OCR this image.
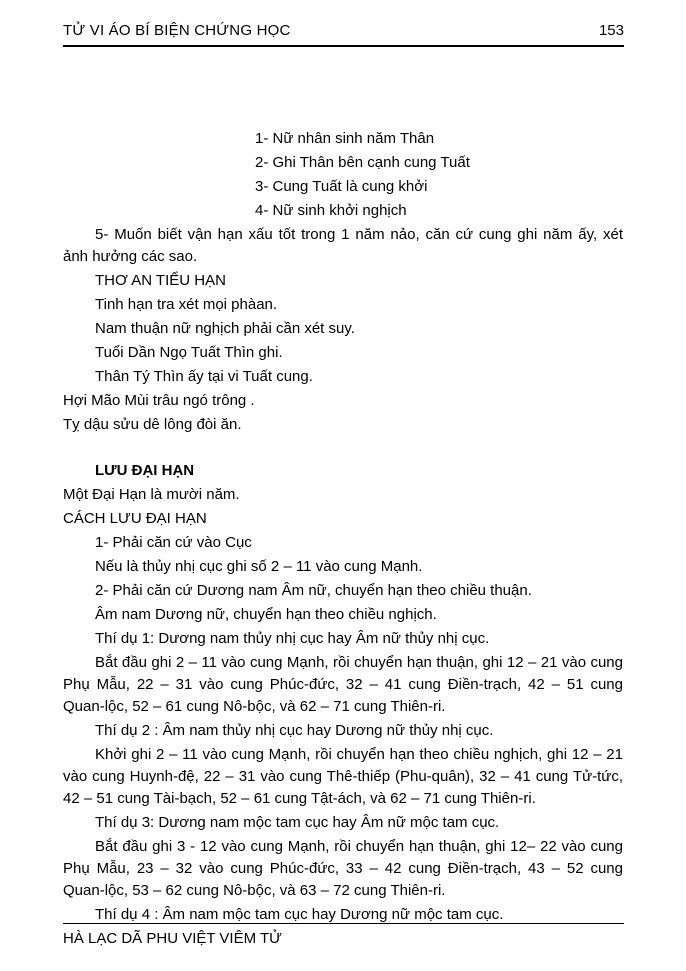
TỬ VI ÁO BÍ BIỆN CHỨNG HỌC	153

1- Nữ nhân sinh năm Thân

2- Ghi Thân bên cạnh cung Tuất

3- Cung Tuất là cung khởi

4- Nữ sinh khởi nghịch

5- Muốn biết vận hạn xấu tốt trong 1 năm nảo, căn cứ cung ghi năm ấy, xét ảnh hưởng các sao.

THƠ AN TIỂU HẠN

Tinh hạn tra xét mọi phàan.

Nam thuận nữ nghịch phải cần xét suy.

Tuổi Dần Ngọ Tuất Thìn ghi.

Thân Tý Thìn ấy tại vi Tuất cung.

Hợi Mão Mùi trâu ngó trông .

Tỵ dậu sửu dê lông đòi ăn.

LƯU ĐẠI HẠN

Một Đại Hạn là mười năm.

CÁCH LƯU ĐẠI HẠN

1- Phải căn cứ vào Cục

Nếu là thủy nhị cục ghi số 2 – 11 vào cung Mạnh.

2- Phải căn cứ Dương nam Âm nữ, chuyển hạn theo chiều thuận.

Âm nam Dương nữ, chuyển hạn theo chiều nghịch.

Thí dụ 1: Dương nam thủy nhị cục hay Âm nữ thủy nhị cục.

Bắt đầu ghi 2 – 11 vào cung Mạnh, rồi chuyển hạn thuận, ghi 12 – 21 vào cung Phụ Mẫu, 22 – 31 vào cung Phúc-đức, 32 – 41 cung Điền-trạch, 42 – 51 cung Quan-lộc, 52 – 61 cung Nô-bộc, và 62 – 71 cung Thiên-ri.

Thí dụ 2 : Âm nam thủy nhị cục hay Dương nữ thủy nhị cục.

Khởi ghi 2 – 11 vào cung Mạnh, rồi chuyển hạn theo chiều nghịch, ghi 12 – 21 vào cung Huynh-đệ, 22 – 31 vào cung Thê-thiếp (Phu-quân), 32 – 41 cung Tử-tức, 42 – 51 cung Tài-bạch, 52 – 61 cung Tật-ách, và 62 – 71 cung Thiên-ri.

Thí dụ 3: Dương nam mộc tam cục hay Âm nữ mộc tam cục.

Bắt đầu ghi 3 - 12 vào cung Mạnh, rồi chuyển hạn thuận, ghi 12– 22 vào cung Phụ Mẫu, 23 – 32 vào cung Phúc-đức, 33 – 42 cung Điền-trạch, 43 – 52 cung Quan-lộc, 53 – 62 cung Nô-bộc, và 63 – 72 cung Thiên-ri.

Thí dụ 4 : Âm nam mộc tam cục hay Dương nữ mộc tam cục.

HÀ LẠC DÃ PHU VIỆT VIÊM TỬ
